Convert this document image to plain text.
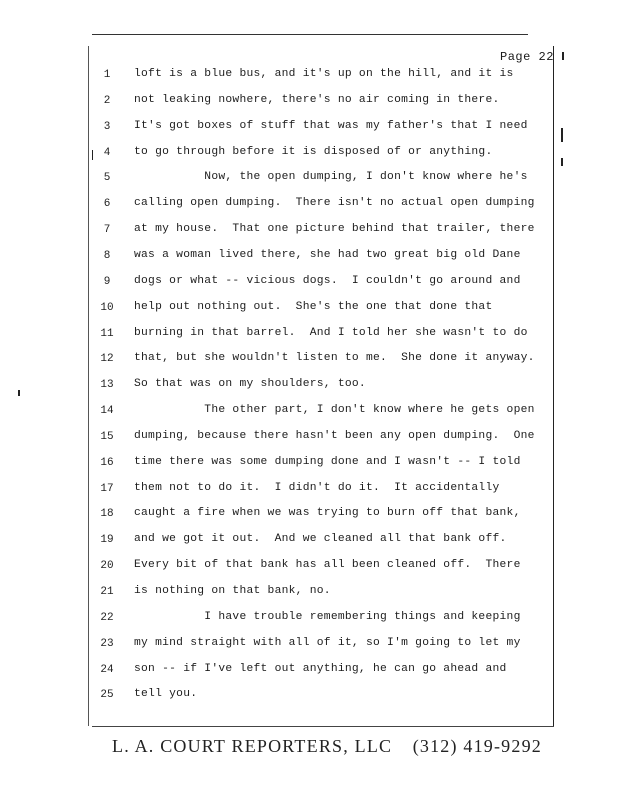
Page 22
1	loft is a blue bus, and it's up on the hill, and it is
2	not leaking nowhere, there's no air coming in there.
3	It's got boxes of stuff that was my father's that I need
4	to go through before it is disposed of or anything.
5	Now, the open dumping, I don't know where he's
6	calling open dumping.  There isn't no actual open dumping
7	at my house.  That one picture behind that trailer, there
8	was a woman lived there, she had two great big old Dane
9	dogs or what -- vicious dogs.  I couldn't go around and
10	help out nothing out.  She's the one that done that
11	burning in that barrel.  And I told her she wasn't to do
12	that, but she wouldn't listen to me.  She done it anyway.
13	So that was on my shoulders, too.
14	The other part, I don't know where he gets open
15	dumping, because there hasn't been any open dumping.  One
16	time there was some dumping done and I wasn't -- I told
17	them not to do it.  I didn't do it.  It accidentally
18	caught a fire when we was trying to burn off that bank,
19	and we got it out.  And we cleaned all that bank off.
20	Every bit of that bank has all been cleaned off.  There
21	is nothing on that bank, no.
22	I have trouble remembering things and keeping
23	my mind straight with all of it, so I'm going to let my
24	son -- if I've left out anything, he can go ahead and
25	tell you.
L. A. COURT REPORTERS, LLC (312) 419-9292
